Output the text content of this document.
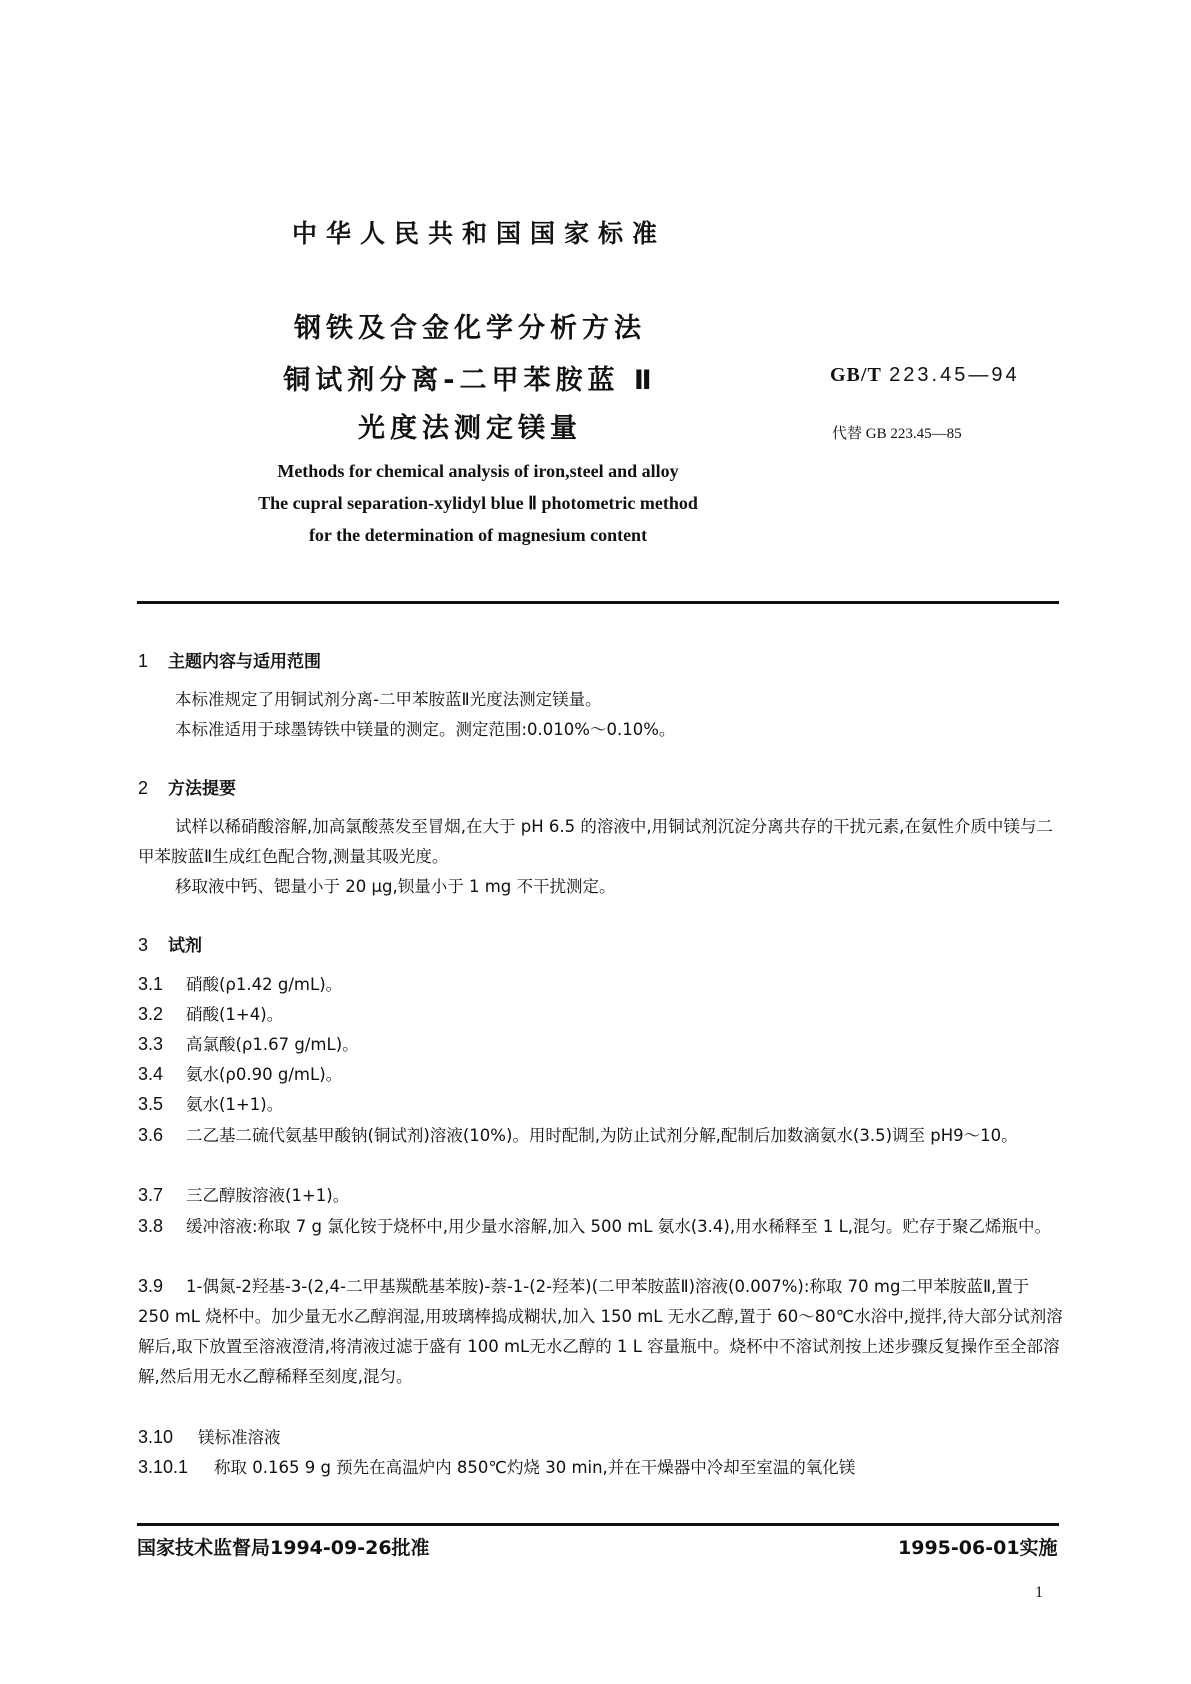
中华人民共和国国家标准
钢铁及合金化学分析方法
铜试剂分离-二甲苯胺蓝 Ⅱ
光度法测定镁量
GB/T 223.45—94
代替 GB 223.45—85
Methods for chemical analysis of iron,steel and alloy
The cupral separation-xylidyl blue Ⅱ photometric method
for the determination of magnesium content
1 主题内容与适用范围
本标准规定了用铜试剂分离-二甲苯胺蓝Ⅱ光度法测定镁量。
本标准适用于球墨铸铁中镁量的测定。测定范围:0.010%～0.10%。
2 方法提要
试样以稀硝酸溶解,加高氯酸蒸发至冒烟,在大于 pH 6.5 的溶液中,用铜试剂沉淀分离共存的干扰元素,在氨性介质中镁与二甲苯胺蓝Ⅱ生成红色配合物,测量其吸光度。
移取液中钙、锶量小于 20 μg,钡量小于 1 mg 不干扰测定。
3 试剂
3.1 硝酸(ρ1.42 g/mL)。
3.2 硝酸(1+4)。
3.3 高氯酸(ρ1.67 g/mL)。
3.4 氨水(ρ0.90 g/mL)。
3.5 氨水(1+1)。
3.6 二乙基二硫代氨基甲酸钠(铜试剂)溶液(10%)。用时配制,为防止试剂分解,配制后加数滴氨水(3.5)调至 pH9～10。
3.7 三乙醇胺溶液(1+1)。
3.8 缓冲溶液:称取 7 g 氯化铵于烧杯中,用少量水溶解,加入 500 mL 氨水(3.4),用水稀释至 1 L,混匀。贮存于聚乙烯瓶中。
3.9 1-偶氮-2羟基-3-(2,4-二甲基羰酰基苯胺)-萘-1-(2-羟苯)(二甲苯胺蓝Ⅱ)溶液(0.007%):称取 70 mg二甲苯胺蓝Ⅱ,置于 250 mL 烧杯中。加少量无水乙醇润湿,用玻璃棒捣成糊状,加入 150 mL 无水乙醇,置于 60～80℃水浴中,搅拌,待大部分试剂溶解后,取下放置至溶液澄清,将清液过滤于盛有 100 mL无水乙醇的 1 L 容量瓶中。烧杯中不溶试剂按上述步骤反复操作至全部溶解,然后用无水乙醇稀释至刻度,混匀。
3.10 镁标准溶液
3.10.1 称取 0.165 9 g 预先在高温炉内 850℃灼烧 30 min,并在干燥器中冷却至室温的氧化镁
国家技术监督局1994-09-26批准	1995-06-01实施
1
